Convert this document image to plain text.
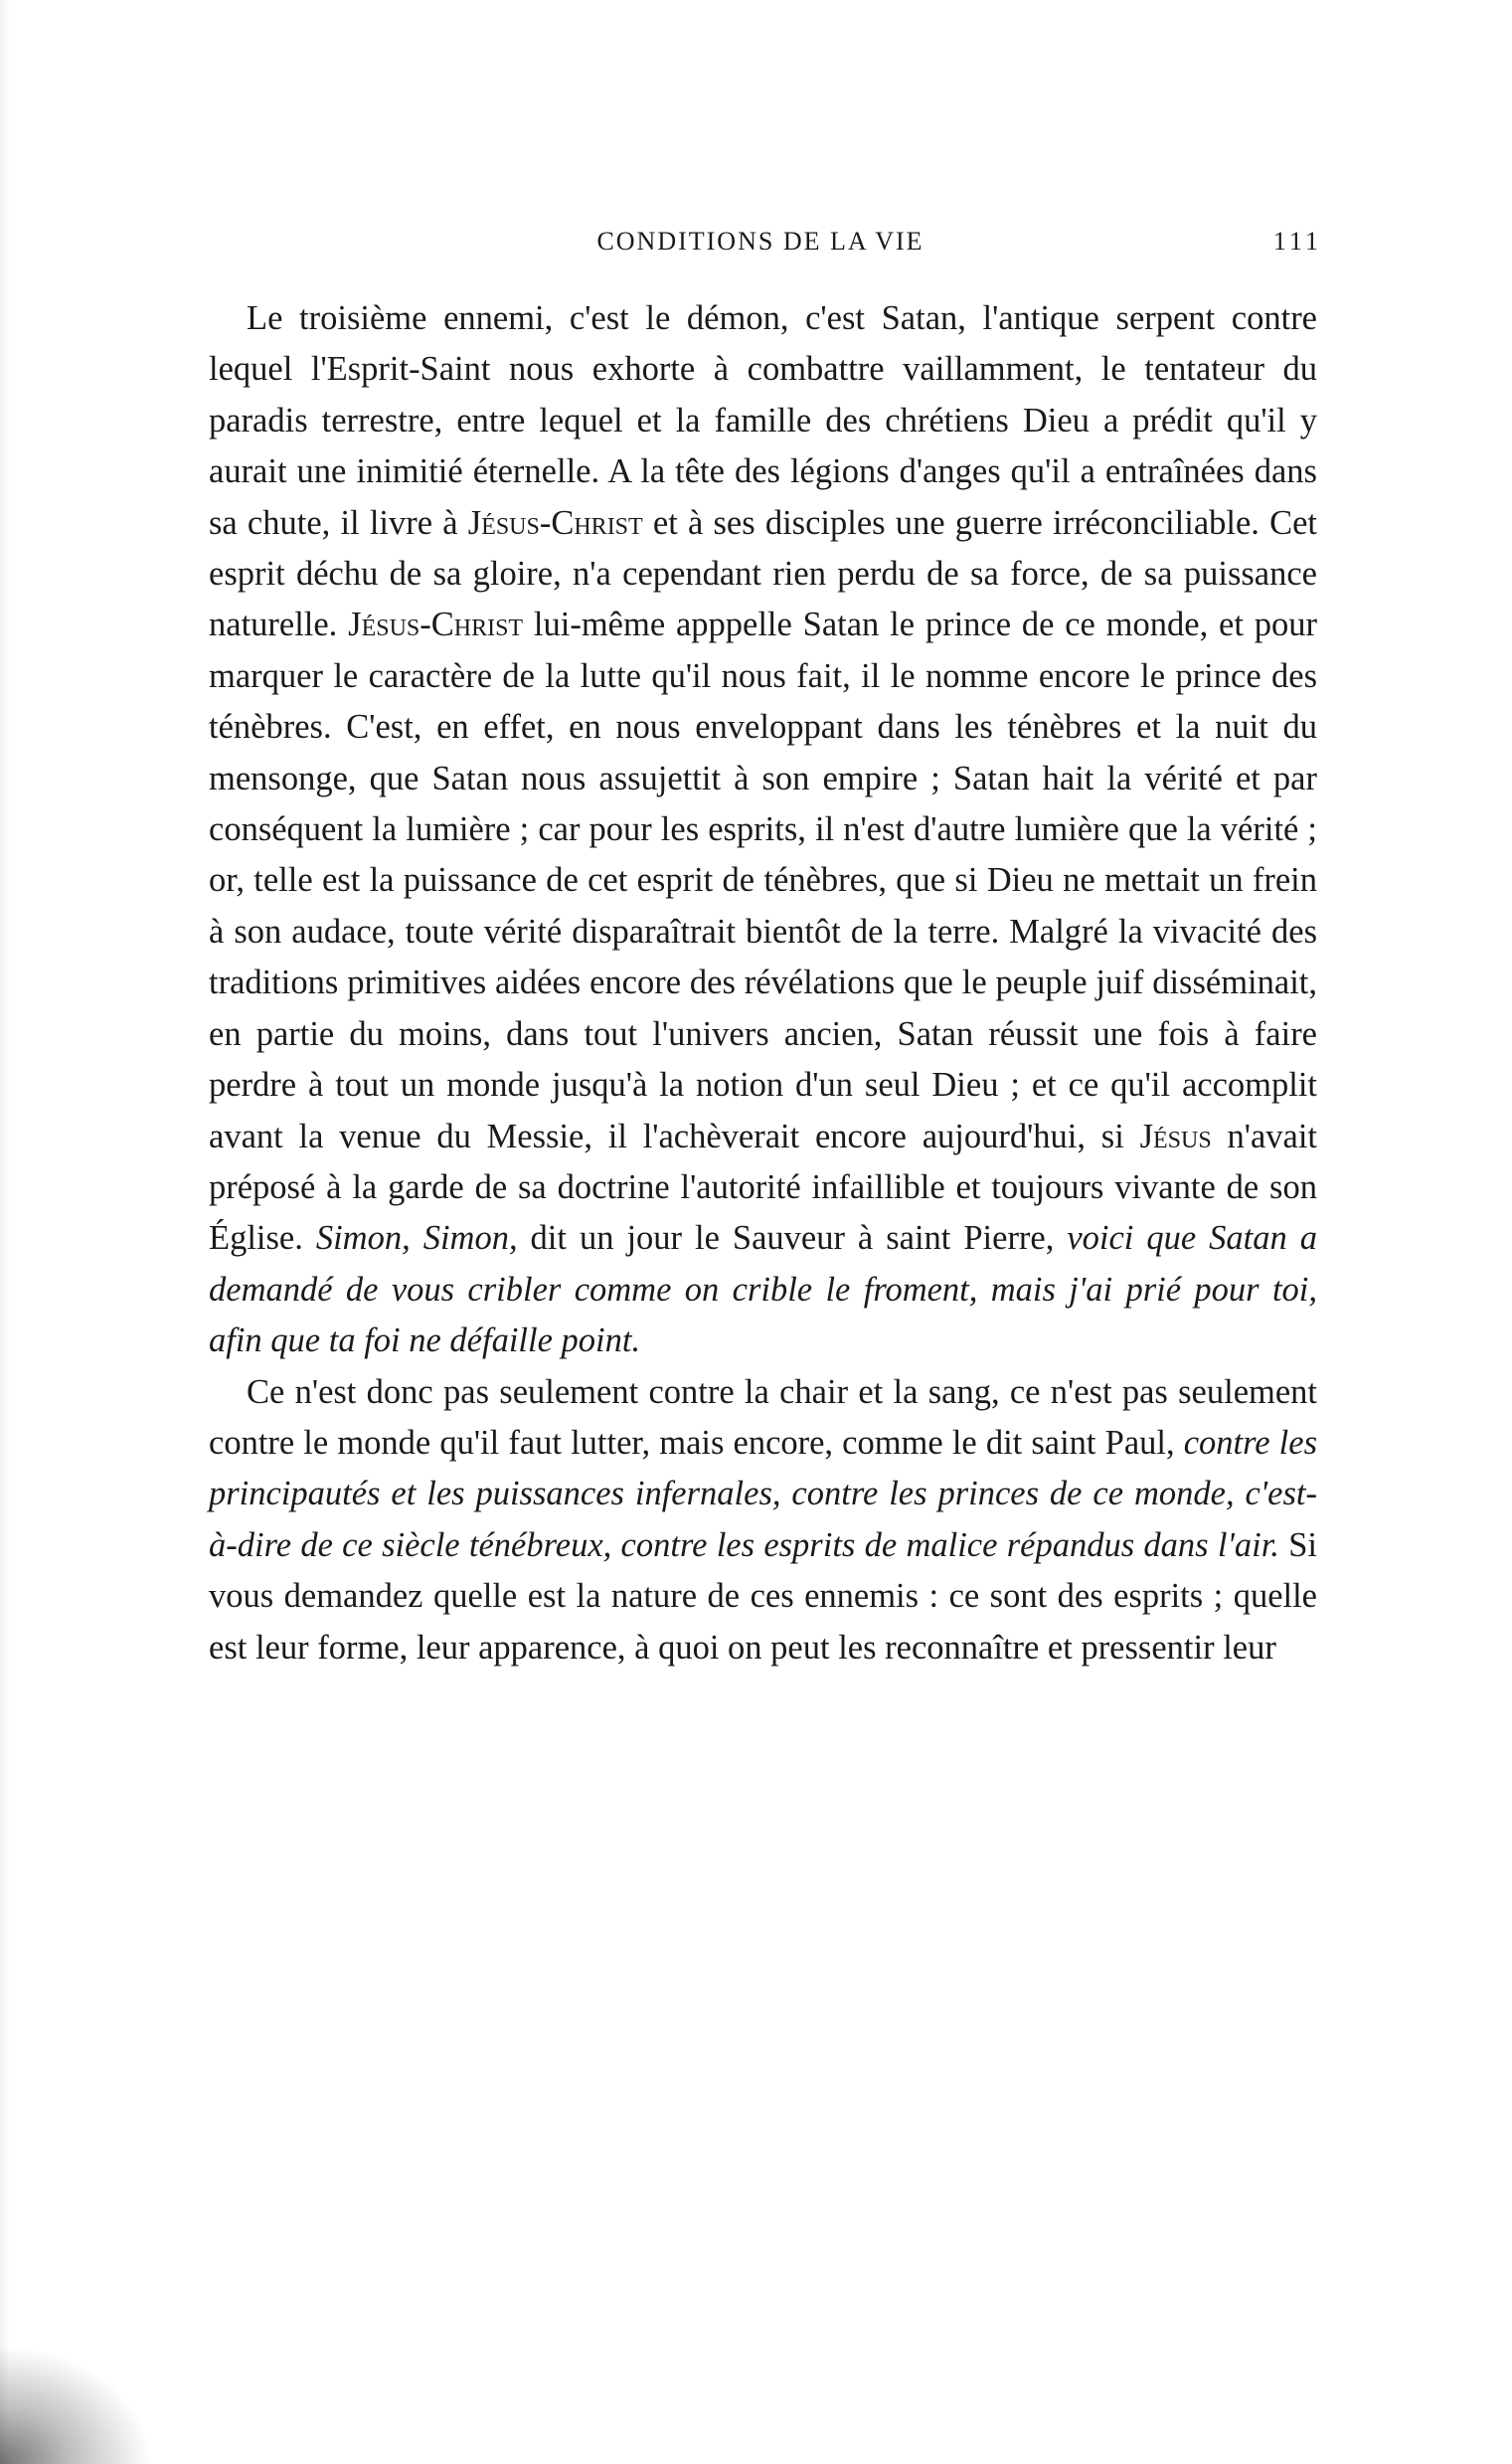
CONDITIONS DE LA VIE	111

Le troisième ennemi, c'est le démon, c'est Satan, l'antique serpent contre lequel l'Esprit-Saint nous exhorte à combattre vaillamment, le tentateur du paradis terrestre, entre lequel et la famille des chrétiens Dieu a prédit qu'il y aurait une inimitié éternelle. A la tête des légions d'anges qu'il a entraînées dans sa chute, il livre à Jésus-Christ et à ses disciples une guerre irréconciliable. Cet esprit déchu de sa gloire, n'a cependant rien perdu de sa force, de sa puissance naturelle. Jésus-Christ lui-même apppelle Satan le prince de ce monde, et pour marquer le caractère de la lutte qu'il nous fait, il le nomme encore le prince des ténèbres. C'est, en effet, en nous enveloppant dans les ténèbres et la nuit du mensonge, que Satan nous assujettit à son empire ; Satan hait la vérité et par conséquent la lumière ; car pour les esprits, il n'est d'autre lumière que la vérité ; or, telle est la puissance de cet esprit de ténèbres, que si Dieu ne mettait un frein à son audace, toute vérité disparaîtrait bientôt de la terre. Malgré la vivacité des traditions primitives aidées encore des révélations que le peuple juif disséminait, en partie du moins, dans tout l'univers ancien, Satan réussit une fois à faire perdre à tout un monde jusqu'à la notion d'un seul Dieu ; et ce qu'il accomplit avant la venue du Messie, il l'achèverait encore aujourd'hui, si Jésus n'avait préposé à la garde de sa doctrine l'autorité infaillible et toujours vivante de son Église. Simon, Simon, dit un jour le Sauveur à saint Pierre, voici que Satan a demandé de vous cribler comme on crible le froment, mais j'ai prié pour toi, afin que ta foi ne défaille point.

Ce n'est donc pas seulement contre la chair et la sang, ce n'est pas seulement contre le monde qu'il faut lutter, mais encore, comme le dit saint Paul, contre les principautés et les puissances infernales, contre les princes de ce monde, c'est-à-dire de ce siècle ténébreux, contre les esprits de malice répandus dans l'air. Si vous demandez quelle est la nature de ces ennemis : ce sont des esprits ; quelle est leur forme, leur apparence, à quoi on peut les reconnaître et pressentir leur
